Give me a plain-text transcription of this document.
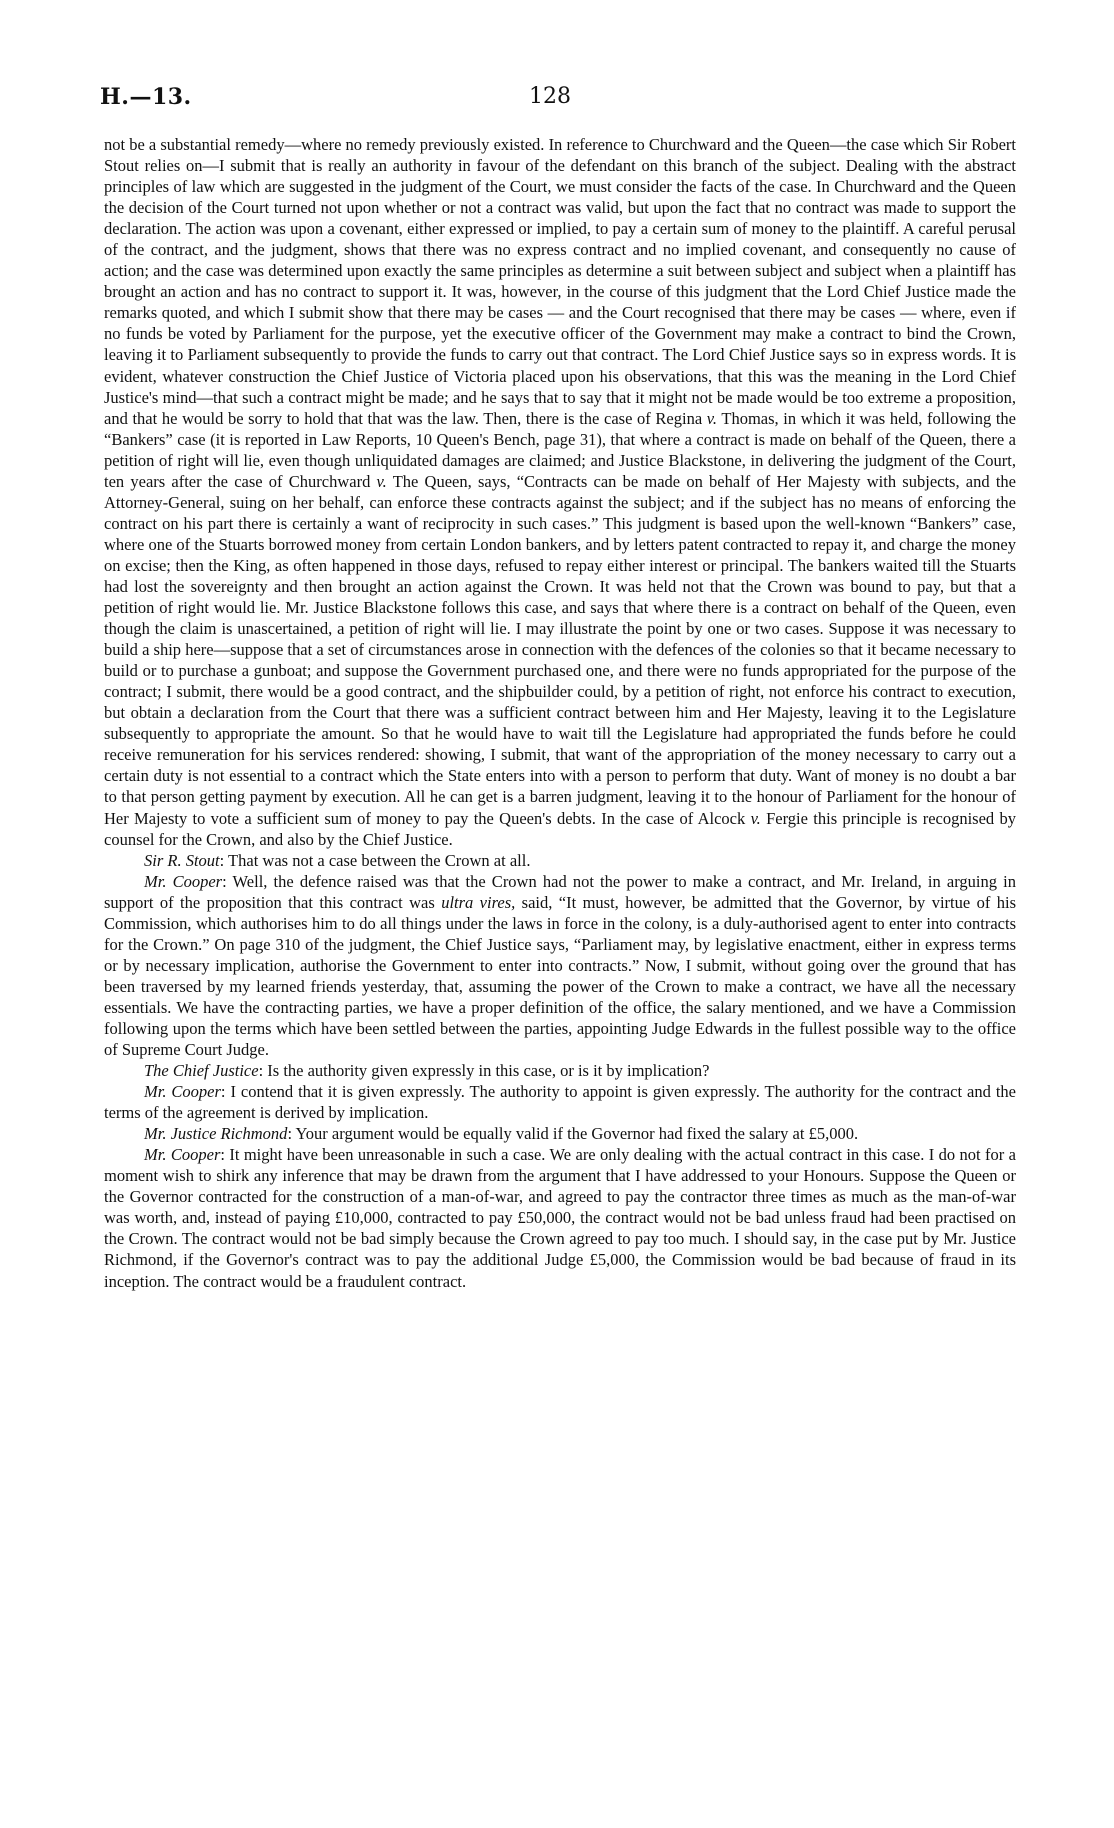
H.—13.	128

not be a substantial remedy—where no remedy previously existed. In reference to Churchward and the Queen—the case which Sir Robert Stout relies on—I submit that is really an authority in favour of the defendant on this branch of the subject. Dealing with the abstract principles of law which are suggested in the judgment of the Court, we must consider the facts of the case. In Churchward and the Queen the decision of the Court turned not upon whether or not a contract was valid, but upon the fact that no contract was made to support the declaration. The action was upon a covenant, either expressed or implied, to pay a certain sum of money to the plaintiff. A careful perusal of the contract, and the judgment, shows that there was no express contract and no implied covenant, and consequently no cause of action; and the case was determined upon exactly the same principles as determine a suit between subject and subject when a plaintiff has brought an action and has no contract to support it. It was, however, in the course of this judgment that the Lord Chief Justice made the remarks quoted, and which I submit show that there may be cases — and the Court recognised that there may be cases — where, even if no funds be voted by Parliament for the purpose, yet the executive officer of the Government may make a contract to bind the Crown, leaving it to Parliament subsequently to provide the funds to carry out that contract. The Lord Chief Justice says so in express words. It is evident, whatever construction the Chief Justice of Victoria placed upon his observations, that this was the meaning in the Lord Chief Justice's mind—that such a contract might be made; and he says that to say that it might not be made would be too extreme a proposition, and that he would be sorry to hold that that was the law. Then, there is the case of Regina v. Thomas, in which it was held, following the “Bankers” case (it is reported in Law Reports, 10 Queen's Bench, page 31), that where a contract is made on behalf of the Queen, there a petition of right will lie, even though unliquidated damages are claimed; and Justice Blackstone, in delivering the judgment of the Court, ten years after the case of Churchward v. The Queen, says, “Contracts can be made on behalf of Her Majesty with subjects, and the Attorney-General, suing on her behalf, can enforce these contracts against the subject; and if the subject has no means of enforcing the contract on his part there is certainly a want of reciprocity in such cases.” This judgment is based upon the well-known “Bankers” case, where one of the Stuarts borrowed money from certain London bankers, and by letters patent contracted to repay it, and charge the money on excise; then the King, as often happened in those days, refused to repay either interest or principal. The bankers waited till the Stuarts had lost the sovereignty and then brought an action against the Crown. It was held not that the Crown was bound to pay, but that a petition of right would lie. Mr. Justice Blackstone follows this case, and says that where there is a contract on behalf of the Queen, even though the claim is unascertained, a petition of right will lie. I may illustrate the point by one or two cases. Suppose it was necessary to build a ship here—suppose that a set of circumstances arose in connection with the defences of the colonies so that it became necessary to build or to purchase a gunboat; and suppose the Government purchased one, and there were no funds appropriated for the purpose of the contract; I submit, there would be a good contract, and the shipbuilder could, by a petition of right, not enforce his contract to execution, but obtain a declaration from the Court that there was a sufficient contract between him and Her Majesty, leaving it to the Legislature subsequently to appropriate the amount. So that he would have to wait till the Legislature had appropriated the funds before he could receive remuneration for his services rendered: showing, I submit, that want of the appropriation of the money necessary to carry out a certain duty is not essential to a contract which the State enters into with a person to perform that duty. Want of money is no doubt a bar to that person getting payment by execution. All he can get is a barren judgment, leaving it to the honour of Parliament for the honour of Her Majesty to vote a sufficient sum of money to pay the Queen's debts. In the case of Alcock v. Fergie this principle is recognised by counsel for the Crown, and also by the Chief Justice.

Sir R. Stout: That was not a case between the Crown at all.

Mr. Cooper: Well, the defence raised was that the Crown had not the power to make a contract, and Mr. Ireland, in arguing in support of the proposition that this contract was ultra vires, said, “It must, however, be admitted that the Governor, by virtue of his Commission, which authorises him to do all things under the laws in force in the colony, is a duly-authorised agent to enter into contracts for the Crown.” On page 310 of the judgment, the Chief Justice says, “Parliament may, by legislative enactment, either in express terms or by necessary implication, authorise the Government to enter into contracts.” Now, I submit, without going over the ground that has been traversed by my learned friends yesterday, that, assuming the power of the Crown to make a contract, we have all the necessary essentials. We have the contracting parties, we have a proper definition of the office, the salary mentioned, and we have a Commission following upon the terms which have been settled between the parties, appointing Judge Edwards in the fullest possible way to the office of Supreme Court Judge.

The Chief Justice: Is the authority given expressly in this case, or is it by implication?

Mr. Cooper: I contend that it is given expressly. The authority to appoint is given expressly. The authority for the contract and the terms of the agreement is derived by implication.

Mr. Justice Richmond: Your argument would be equally valid if the Governor had fixed the salary at £5,000.

Mr. Cooper: It might have been unreasonable in such a case. We are only dealing with the actual contract in this case. I do not for a moment wish to shirk any inference that may be drawn from the argument that I have addressed to your Honours. Suppose the Queen or the Governor contracted for the construction of a man-of-war, and agreed to pay the contractor three times as much as the man-of-war was worth, and, instead of paying £10,000, contracted to pay £50,000, the contract would not be bad unless fraud had been practised on the Crown. The contract would not be bad simply because the Crown agreed to pay too much. I should say, in the case put by Mr. Justice Richmond, if the Governor's contract was to pay the additional Judge £5,000, the Commission would be bad because of fraud in its inception. The contract would be a fraudulent contract.
